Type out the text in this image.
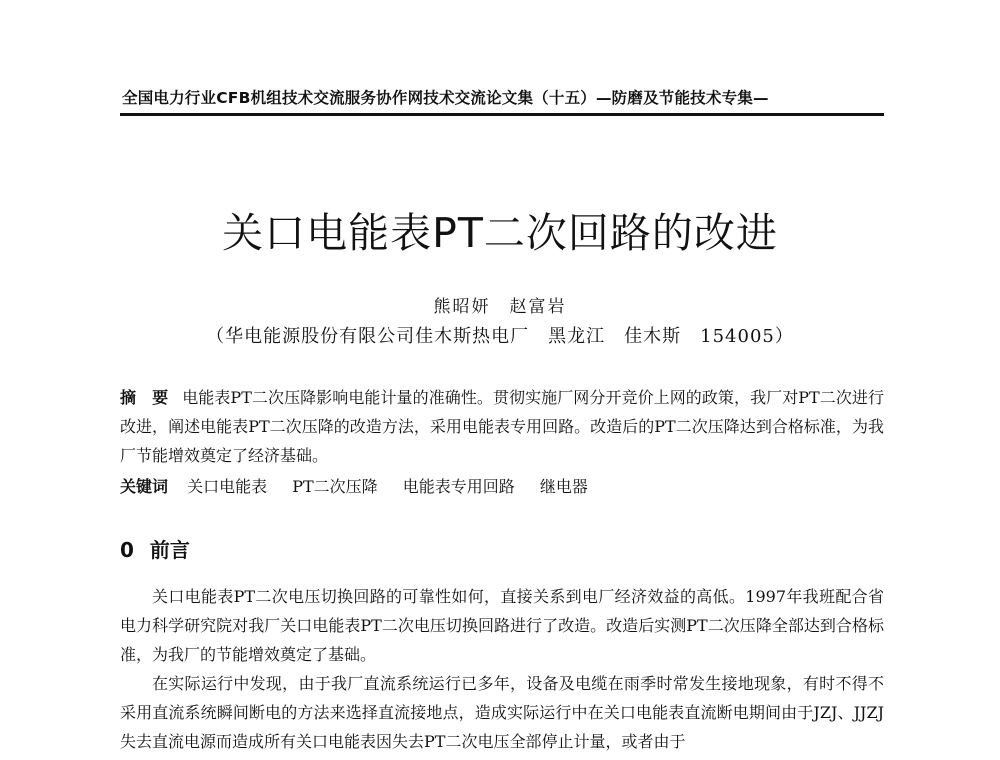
全国电力行业CFB机组技术交流服务协作网技术交流论文集（十五）—防磨及节能技术专集—
关口电能表PT二次回路的改进
熊昭妍　赵富岩
（华电能源股份有限公司佳木斯热电厂　黑龙江　佳木斯　154005）
摘　要 电能表PT二次压降影响电能计量的准确性。贯彻实施厂网分开竞价上网的政策，我厂对PT二次进行改进，阐述电能表PT二次压降的改造方法，采用电能表专用回路。改造后的PT二次压降达到合格标准，为我厂节能增效奠定了经济基础。
关键词 关口电能表 PT二次压降 电能表专用回路 继电器
0 前言

关口电能表PT二次电压切换回路的可靠性如何，直接关系到电厂经济效益的高低。1997年我班配合省电力科学研究院对我厂关口电能表PT二次电压切换回路进行了改造。改造后实测PT二次压降全部达到合格标准，为我厂的节能增效奠定了基础。

在实际运行中发现，由于我厂直流系统运行已多年，设备及电缆在雨季时常发生接地现象，有时不得不采用直流系统瞬间断电的方法来选择直流接地点，造成实际运行中在关口电能表直流断电期间由于JZJ、JJZJ失去直流电源而造成所有关口电能表因失去PT二次电压全部停止计量，或者由于
